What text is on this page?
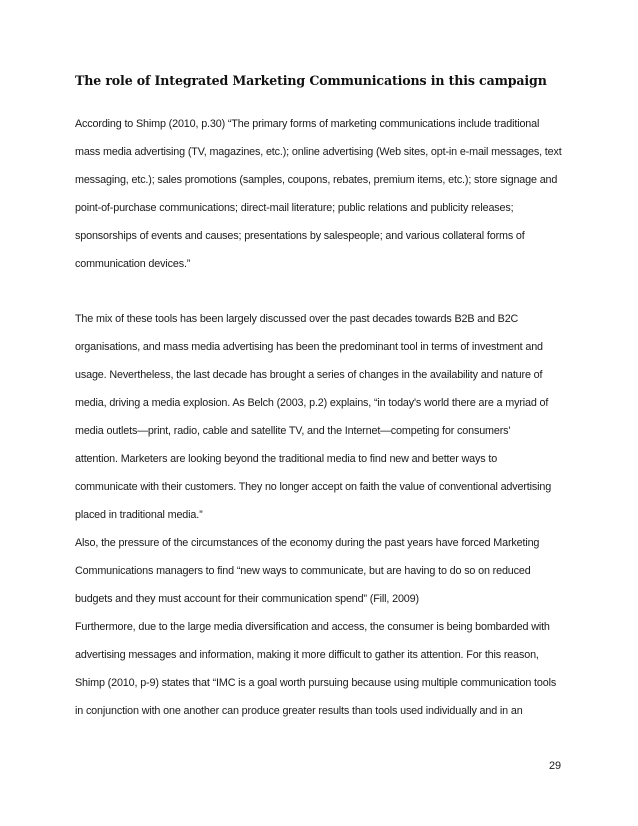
The role of Integrated Marketing Communications in this campaign
According to Shimp (2010, p.30) “The primary forms of marketing communications include traditional
mass media advertising (TV, magazines, etc.); online advertising (Web sites, opt-in e-mail messages, text
messaging, etc.); sales promotions (samples, coupons, rebates, premium items, etc.); store signage and
point-of-purchase communications; direct-mail literature; public relations and publicity releases;
sponsorships of events and causes; presentations by salespeople; and various collateral forms of
communication devices.”
The mix of these tools has been largely discussed over the past decades towards B2B and B2C
organisations, and mass media advertising has been the predominant tool in terms of investment and
usage. Nevertheless, the last decade has brought a series of changes in the availability and nature of
media, driving a media explosion. As Belch (2003, p.2) explains, “in today's world there are a myriad of
media outlets—print, radio, cable and satellite TV, and the Internet—competing for consumers'
attention. Marketers are looking beyond the traditional media to find new and better ways to
communicate with their customers. They no longer accept on faith the value of conventional advertising
placed in traditional media.”
Also, the pressure of the circumstances of the economy during the past years have forced Marketing
Communications managers to find “new ways to communicate, but are having to do so on reduced
budgets and they must account for their communication spend” (Fill, 2009)
Furthermore, due to the large media diversification and access, the consumer is being bombarded with
advertising messages and information, making it more difficult to gather its attention. For this reason,
Shimp (2010, p-9) states that “IMC is a goal worth pursuing because using multiple communication tools
in conjunction with one another can produce greater results than tools used individually and in an
29
